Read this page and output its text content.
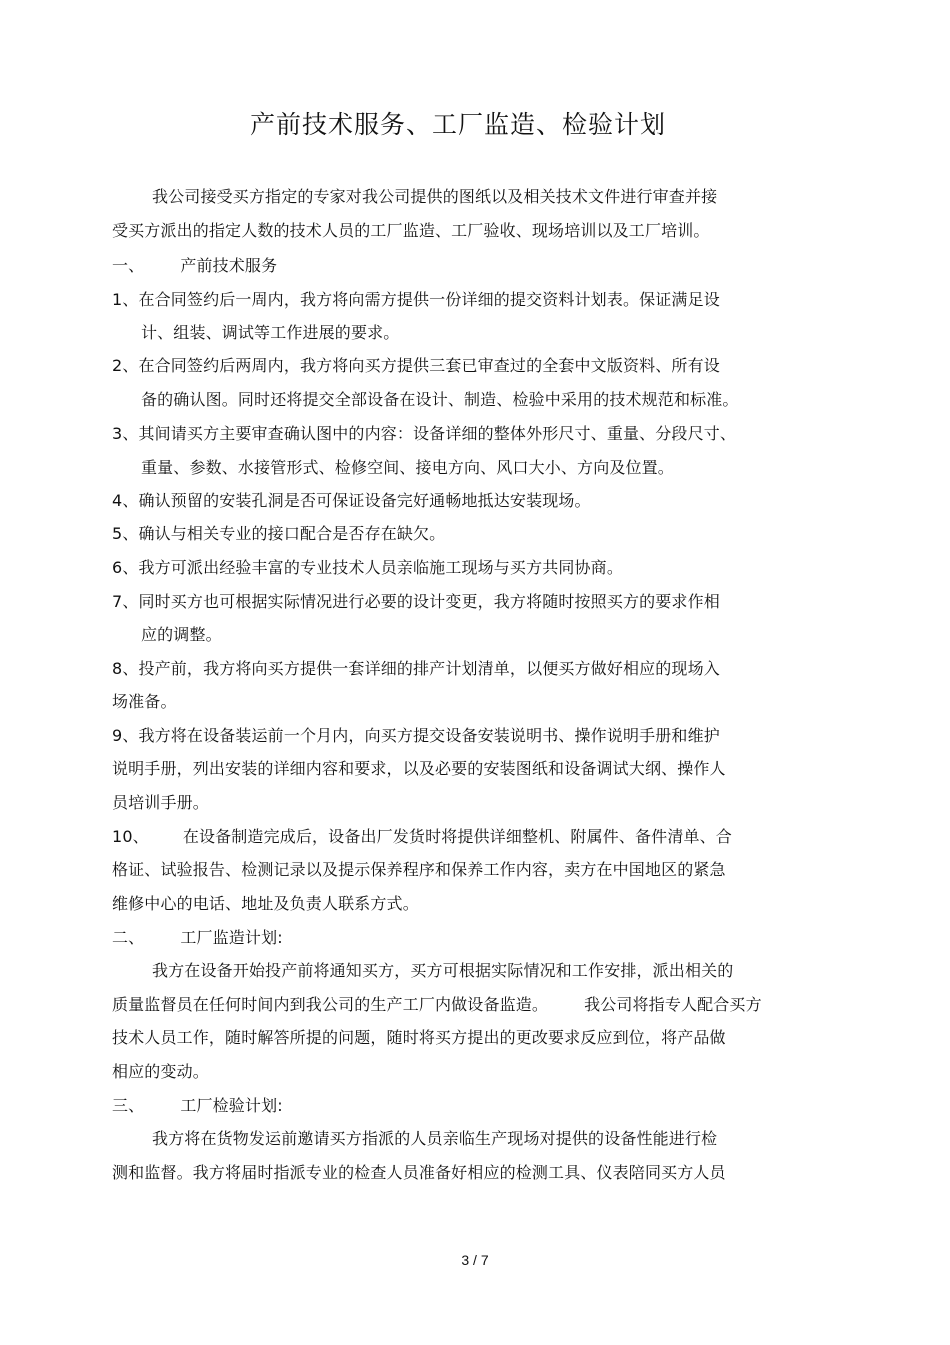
产前技术服务、工厂监造、检验计划
我公司接受买方指定的专家对我公司提供的图纸以及相关技术文件进行审查并接
受买方派出的指定人数的技术人员的工厂监造、工厂验收、现场培训以及工厂培训。
一、 产前技术服务
1、在合同签约后一周内，我方将向需方提供一份详细的提交资料计划表。保证满足设
计、组装、调试等工作进展的要求。
2、在合同签约后两周内，我方将向买方提供三套已审查过的全套中文版资料、所有设
备的确认图。同时还将提交全部设备在设计、制造、检验中采用的技术规范和标准。
3、其间请买方主要审查确认图中的内容：设备详细的整体外形尺寸、重量、分段尺寸、
重量、参数、水接管形式、检修空间、接电方向、风口大小、方向及位置。
4、确认预留的安装孔洞是否可保证设备完好通畅地抵达安装现场。
5、确认与相关专业的接口配合是否存在缺欠。
6、我方可派出经验丰富的专业技术人员亲临施工现场与买方共同协商。
7、同时买方也可根据实际情况进行必要的设计变更，我方将随时按照买方的要求作相
应的调整。
8、投产前，我方将向买方提供一套详细的排产计划清单，以便买方做好相应的现场入
场准备。
9、我方将在设备装运前一个月内，向买方提交设备安装说明书、操作说明手册和维护
说明手册，列出安装的详细内容和要求，以及必要的安装图纸和设备调试大纲、操作人
员培训手册。
10、 在设备制造完成后，设备出厂发货时将提供详细整机、附属件、备件清单、合
格证、试验报告、检测记录以及提示保养程序和保养工作内容，卖方在中国地区的紧急
维修中心的电话、地址及负责人联系方式。
二、 工厂监造计划:
我方在设备开始投产前将通知买方，买方可根据实际情况和工作安排，派出相关的
质量监督员在任何时间内到我公司的生产工厂内做设备监造。 我公司将指专人配合买方
技术人员工作，随时解答所提的问题，随时将买方提出的更改要求反应到位，将产品做
相应的变动。
三、 工厂检验计划:
我方将在货物发运前邀请买方指派的人员亲临生产现场对提供的设备性能进行检
测和监督。我方将届时指派专业的检查人员准备好相应的检测工具、仪表陪同买方人员
3 / 7
